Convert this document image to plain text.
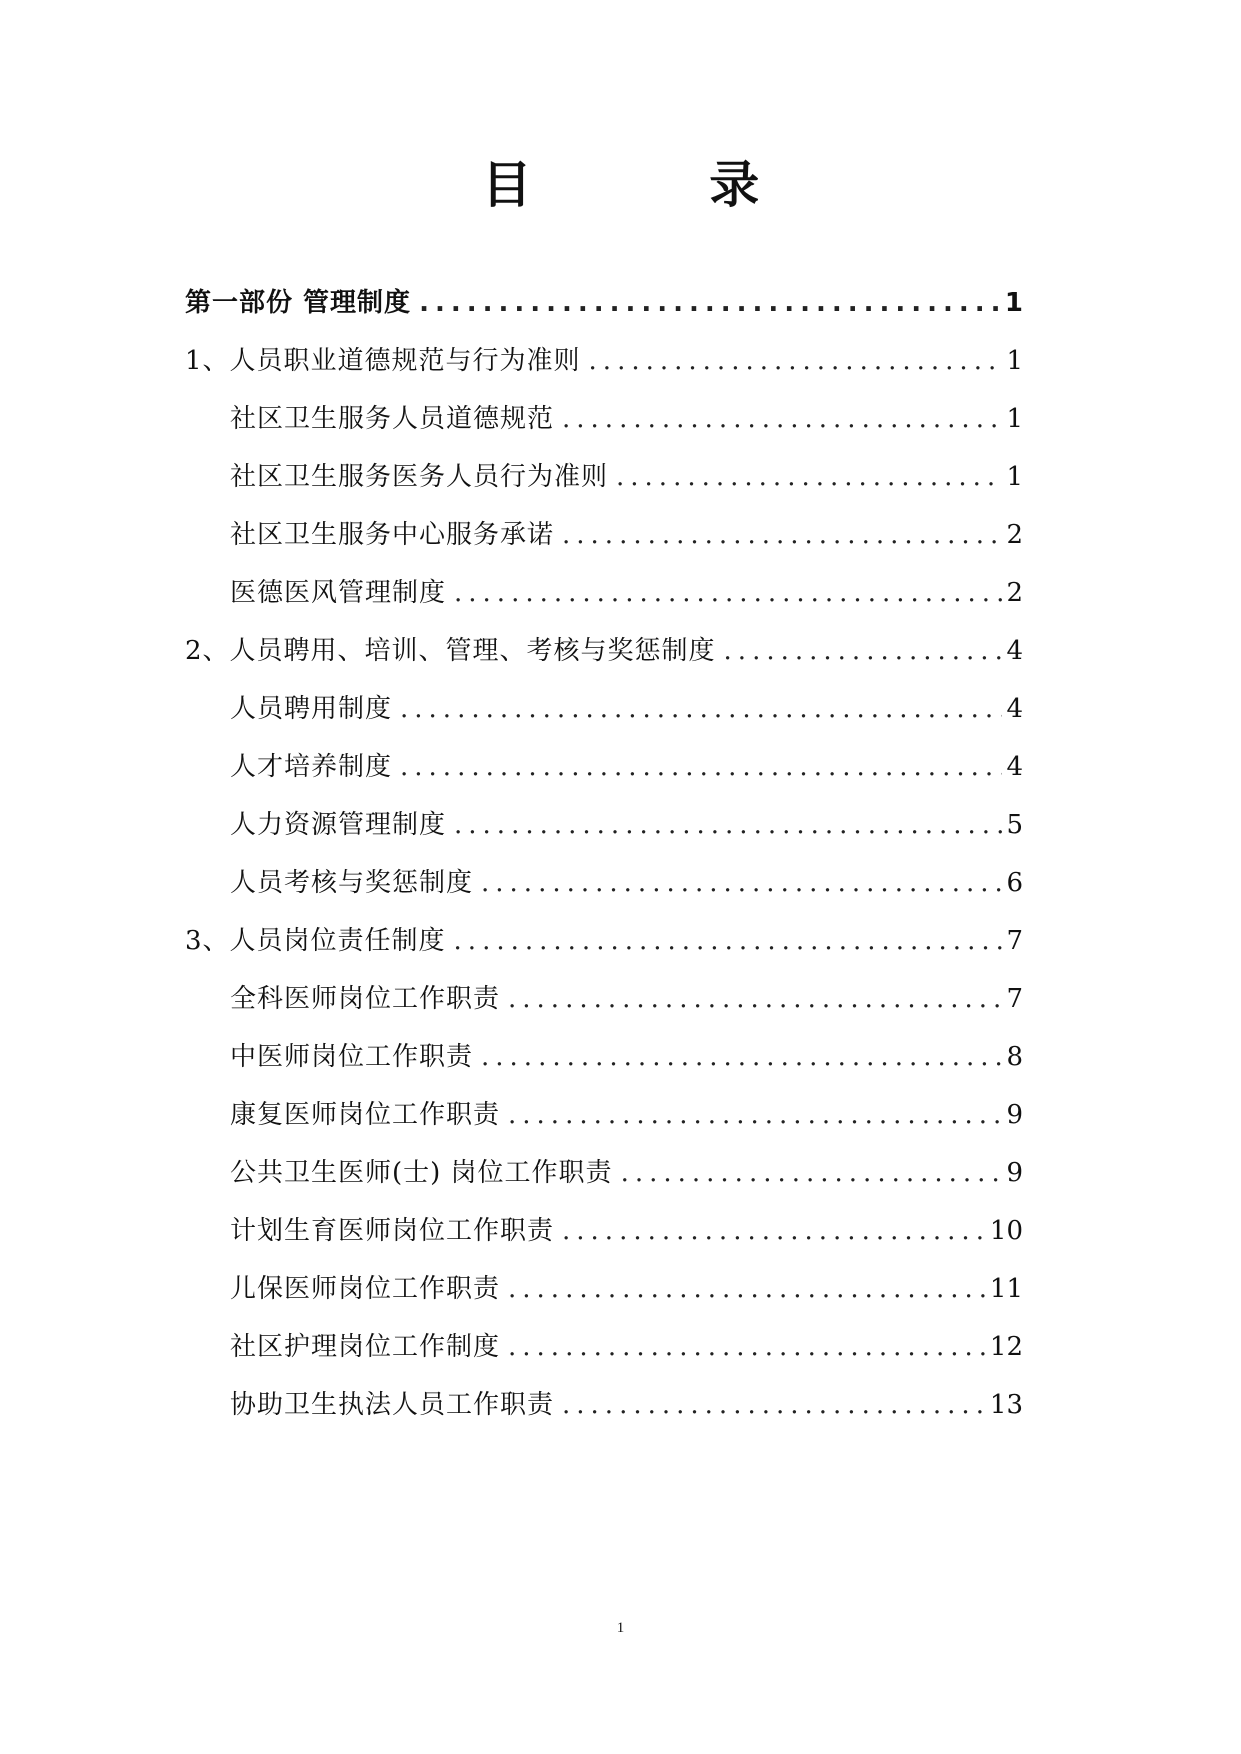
目 录
第一部份 管理制度 .....	1
1、人员职业道德规范与行为准则 .....	1
社区卫生服务人员道德规范 .....	1
社区卫生服务医务人员行为准则 .....	1
社区卫生服务中心服务承诺 .....	2
医德医风管理制度 .....	2
2、人员聘用、培训、管理、考核与奖惩制度 .....	4
人员聘用制度 .....	4
人才培养制度 .....	4
人力资源管理制度 .....	5
人员考核与奖惩制度 .....	6
3、人员岗位责任制度 .....	7
全科医师岗位工作职责 .....	7
中医师岗位工作职责 .....	8
康复医师岗位工作职责 .....	9
公共卫生医师(士) 岗位工作职责 .....	9
计划生育医师岗位工作职责 .....	10
儿保医师岗位工作职责 .....	11
社区护理岗位工作制度 .....	12
协助卫生执法人员工作职责 .....	13
1
